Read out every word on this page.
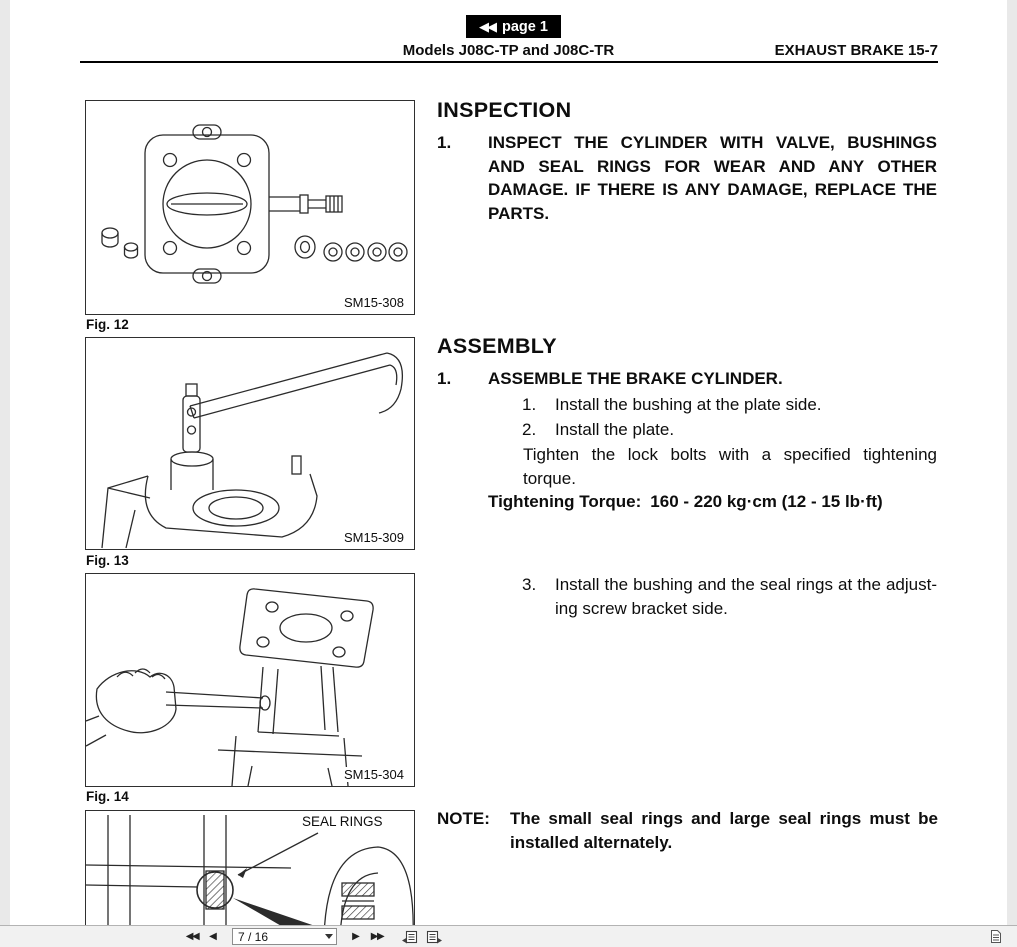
◀◀ page 1
Models J08C-TP and J08C-TR	EXHAUST BRAKE 15-7
SM15-308
Fig. 12
SM15-309
Fig. 13
SM15-304
Fig. 14
SEAL RINGS
INSPECTION
1.	INSPECT THE CYLINDER WITH VALVE, BUSHINGS AND SEAL RINGS FOR WEAR AND ANY OTHER DAMAGE. IF THERE IS ANY DAMAGE, REPLACE THE PARTS.
ASSEMBLY
1.	ASSEMBLE THE BRAKE CYLINDER.
1.	Install the bushing at the plate side.
2.	Install the plate.
Tighten the lock bolts with a specified tightening torque.
Tightening Torque: 160 - 220 kg·cm (12 - 15 lb·ft)
3.	Install the bushing and the seal rings at the adjusting screw bracket side.
NOTE:	The small seal rings and large seal rings must be installed alternately.
◀◀ ◀
7 / 16	▶ ▶▶
